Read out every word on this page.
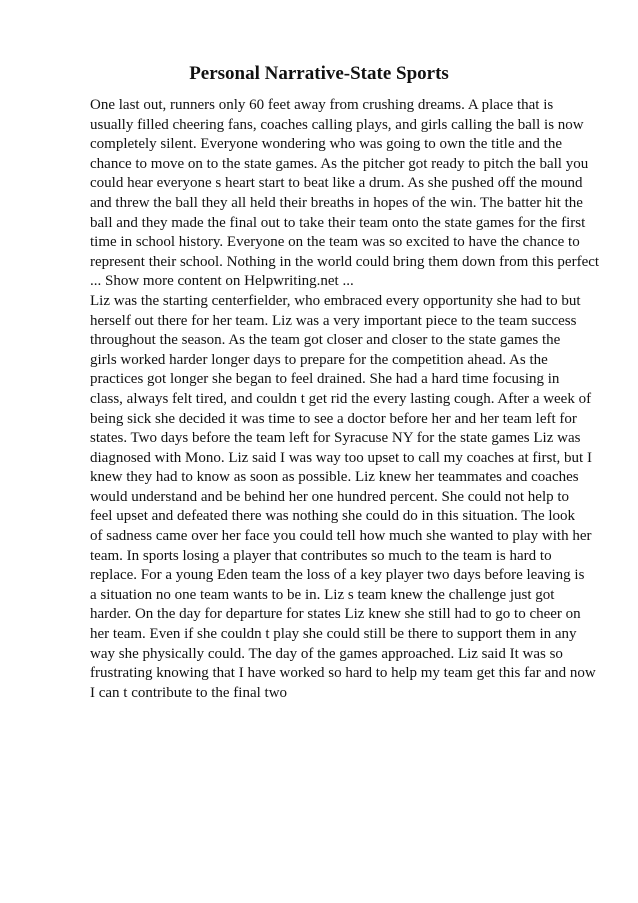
Personal Narrative-State Sports
One last out, runners only 60 feet away from crushing dreams. A place that is
usually filled cheering fans, coaches calling plays, and girls calling the ball is now
completely silent. Everyone wondering who was going to own the title and the
chance to move on to the state games. As the pitcher got ready to pitch the ball you
could hear everyone s heart start to beat like a drum. As she pushed off the mound
and threw the ball they all held their breaths in hopes of the win. The batter hit the
ball and they made the final out to take their team onto the state games for the first
time in school history. Everyone on the team was so excited to have the chance to
represent their school. Nothing in the world could bring them down from this perfect
... Show more content on Helpwriting.net ...
Liz was the starting centerfielder, who embraced every opportunity she had to but
herself out there for her team. Liz was a very important piece to the team success
throughout the season. As the team got closer and closer to the state games the
girls worked harder longer days to prepare for the competition ahead. As the
practices got longer she began to feel drained. She had a hard time focusing in
class, always felt tired, and couldn t get rid the every lasting cough. After a week of
being sick she decided it was time to see a doctor before her and her team left for
states. Two days before the team left for Syracuse NY for the state games Liz was
diagnosed with Mono. Liz said I was way too upset to call my coaches at first, but I
knew they had to know as soon as possible. Liz knew her teammates and coaches
would understand and be behind her one hundred percent. She could not help to
feel upset and defeated there was nothing she could do in this situation. The look
of sadness came over her face you could tell how much she wanted to play with her
team. In sports losing a player that contributes so much to the team is hard to
replace. For a young Eden team the loss of a key player two days before leaving is
a situation no one team wants to be in. Liz s team knew the challenge just got
harder. On the day for departure for states Liz knew she still had to go to cheer on
her team. Even if she couldn t play she could still be there to support them in any
way she physically could. The day of the games approached. Liz said It was so
frustrating knowing that I have worked so hard to help my team get this far and now
I can t contribute to the final two
